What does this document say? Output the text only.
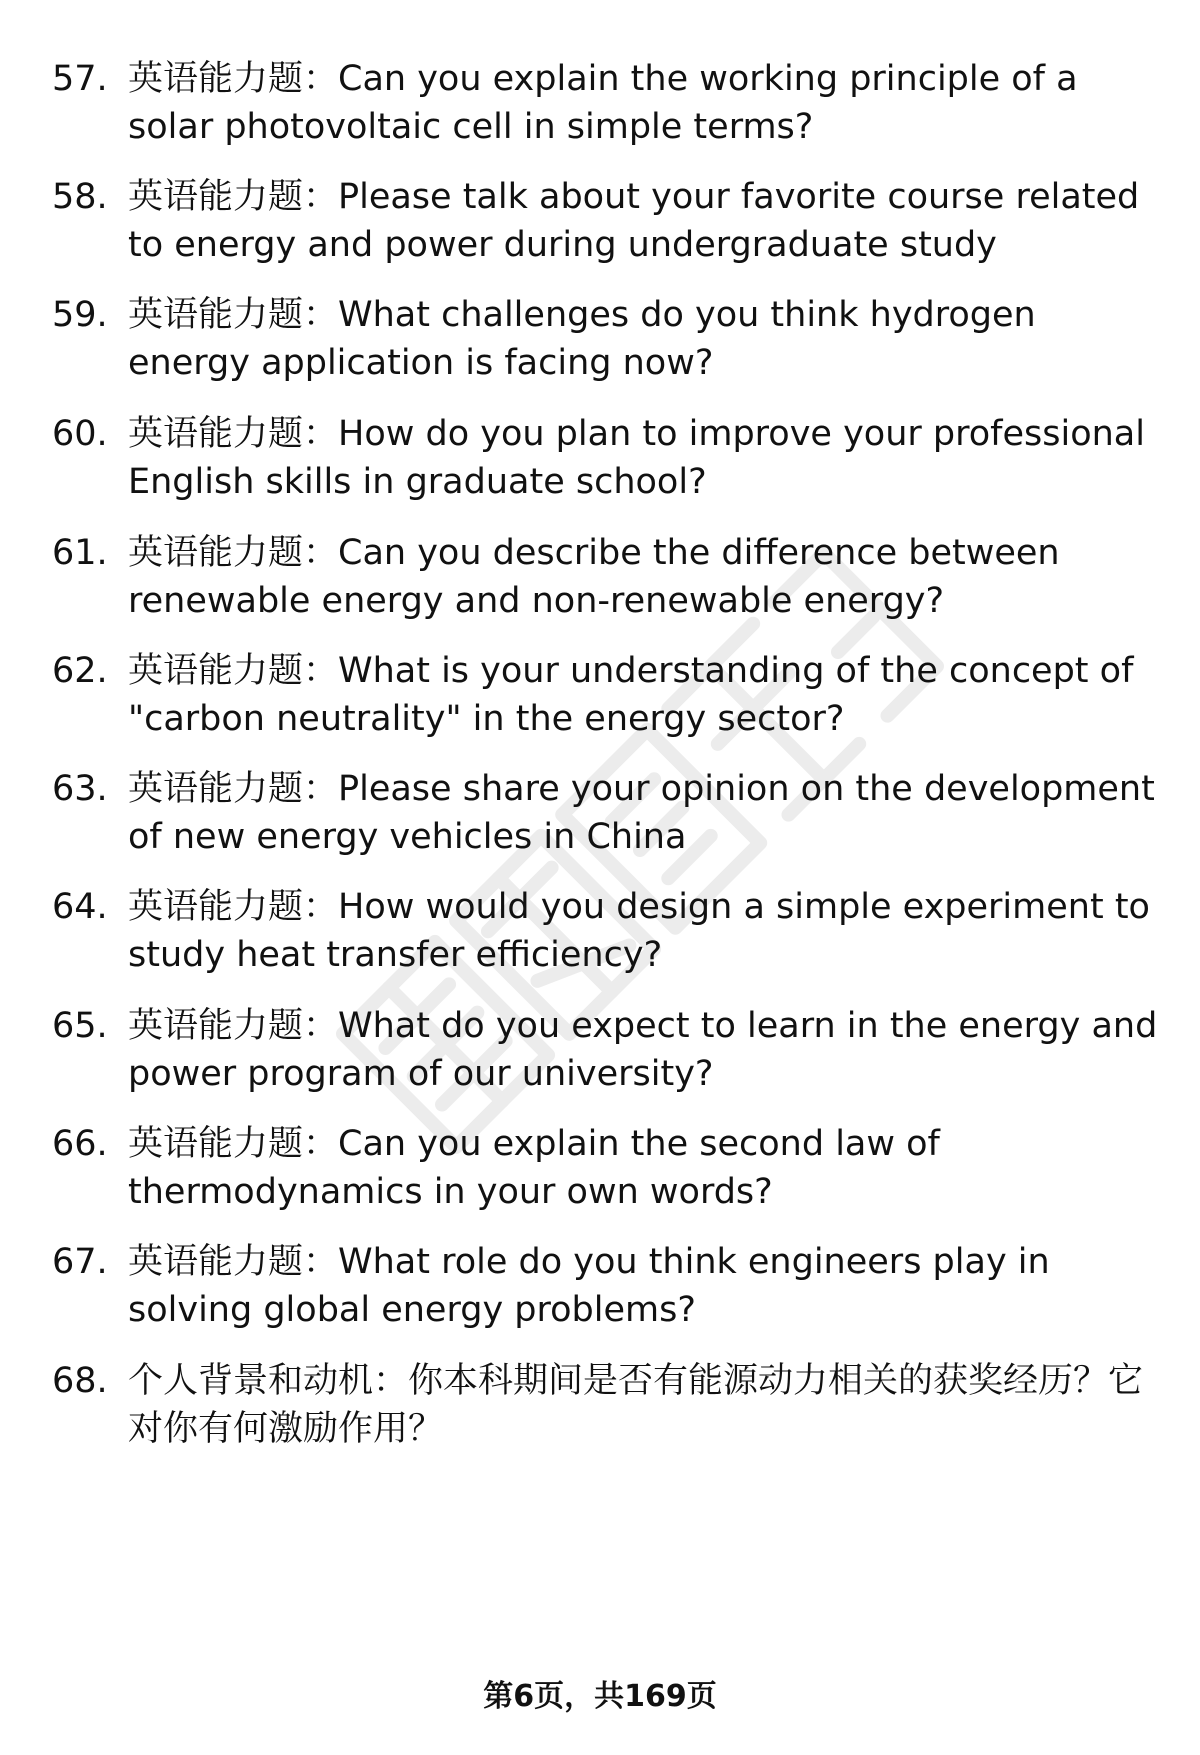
57. 英语能力题：Can you explain the working principle of a solar photovoltaic cell in simple terms?
58. 英语能力题：Please talk about your favorite course related to energy and power during undergraduate study
59. 英语能力题：What challenges do you think hydrogen energy application is facing now?
60. 英语能力题：How do you plan to improve your professional English skills in graduate school?
61. 英语能力题：Can you describe the difference between renewable energy and non-renewable energy?
62. 英语能力题：What is your understanding of the concept of "carbon neutrality" in the energy sector?
63. 英语能力题：Please share your opinion on the development of new energy vehicles in China
64. 英语能力题：How would you design a simple experiment to study heat transfer efficiency?
65. 英语能力题：What do you expect to learn in the energy and power program of our university?
66. 英语能力题：Can you explain the second law of thermodynamics in your own words?
67. 英语能力题：What role do you think engineers play in solving global energy problems?
68. 个人背景和动机：你本科期间是否有能源动力相关的获奖经历？它对你有何激励作用？
第6页，共169页
